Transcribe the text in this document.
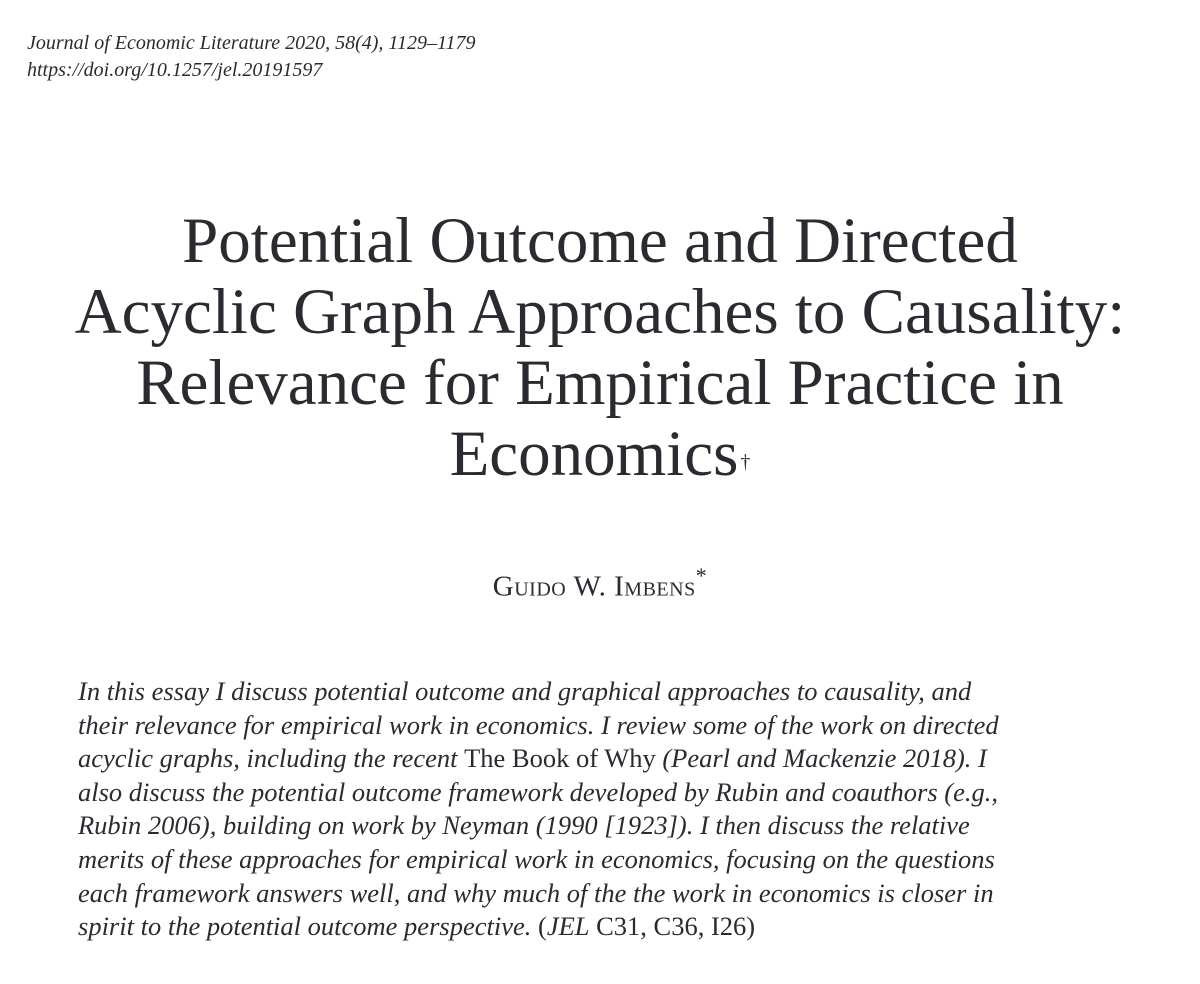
Journal of Economic Literature 2020, 58(4), 1129–1179
https://doi.org/10.1257/jel.20191597
Potential Outcome and Directed
Acyclic Graph Approaches to Causality:
Relevance for Empirical Practice in
Economics †
Guido W. Imbens*
In this essay I discuss potential outcome and graphical approaches to causality, and
their relevance for empirical work in economics. I review some of the work on directed
acyclic graphs, including the recent The Book of Why (Pearl and Mackenzie 2018). I
also discuss the potential outcome framework developed by Rubin and coauthors (e.g.,
Rubin 2006), building on work by Neyman (1990 [1923]). I then discuss the relative
merits of these approaches for empirical work in economics, focusing on the questions
each framework answers well, and why much of the the work in economics is closer in
spirit to the potential outcome perspective. (JEL C31, C36, I26)
